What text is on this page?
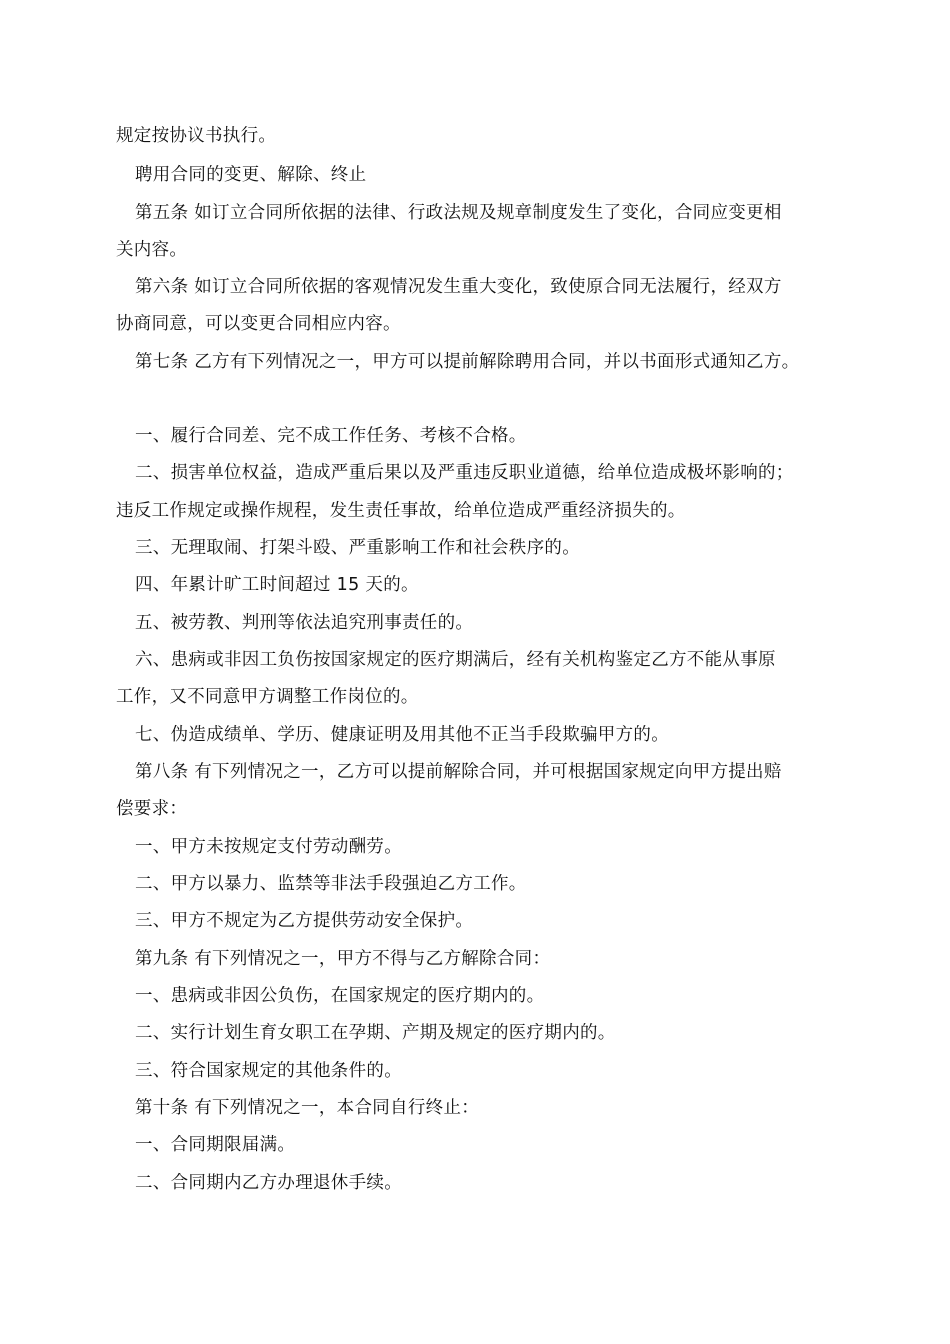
规定按协议书执行。
聘用合同的变更、解除、终止
第五条 如订立合同所依据的法律、行政法规及规章制度发生了变化，合同应变更相
关内容。
第六条 如订立合同所依据的客观情况发生重大变化，致使原合同无法履行，经双方
协商同意，可以变更合同相应内容。
第七条 乙方有下列情况之一，甲方可以提前解除聘用合同，并以书面形式通知乙方。
一、履行合同差、完不成工作任务、考核不合格。
二、损害单位权益，造成严重后果以及严重违反职业道德，给单位造成极坏影响的；
违反工作规定或操作规程，发生责任事故，给单位造成严重经济损失的。
三、无理取闹、打架斗殴、严重影响工作和社会秩序的。
四、年累计旷工时间超过 15 天的。
五、被劳教、判刑等依法追究刑事责任的。
六、患病或非因工负伤按国家规定的医疗期满后，经有关机构鉴定乙方不能从事原
工作，又不同意甲方调整工作岗位的。
七、伪造成绩单、学历、健康证明及用其他不正当手段欺骗甲方的。
第八条 有下列情况之一，乙方可以提前解除合同，并可根据国家规定向甲方提出赔
偿要求：
一、甲方未按规定支付劳动酬劳。
二、甲方以暴力、监禁等非法手段强迫乙方工作。
三、甲方不规定为乙方提供劳动安全保护。
第九条 有下列情况之一，甲方不得与乙方解除合同：
一、患病或非因公负伤，在国家规定的医疗期内的。
二、实行计划生育女职工在孕期、产期及规定的医疗期内的。
三、符合国家规定的其他条件的。
第十条 有下列情况之一，本合同自行终止：
一、合同期限届满。
二、合同期内乙方办理退休手续。
